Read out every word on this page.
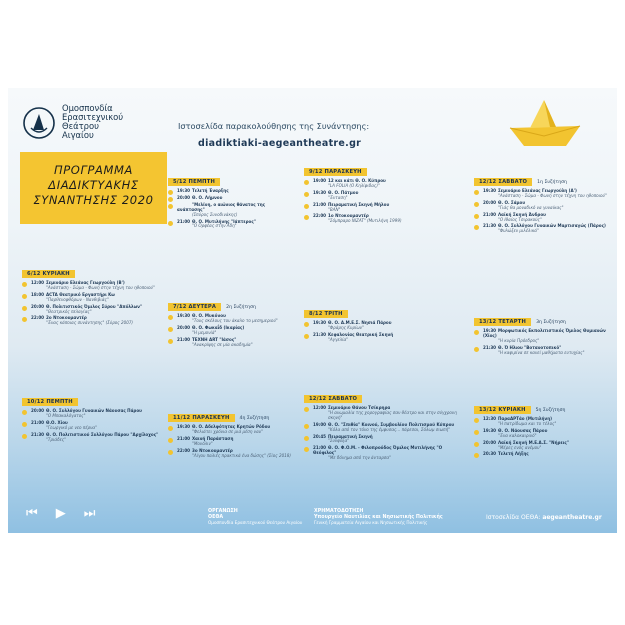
Ομοσπονδία
Ερασιτεχνικού
Θεάτρου
Αιγαίου
Ιστοσελίδα παρακολούθησης της Συνάντησης:
diadiktiaki-aegeantheatre.gr
ΠΡΟΓΡΑΜΜΑ
ΔΙΑΔΙΚΤΥΑΚΗΣ
ΣΥΝΑΝΤΗΣΗΣ 2020
5/12 ΠΕΜΠΤΗ
19:30 Τελετή Έναρξης
20:00 Θ. Ο. Λήμνου
"Μελίνη, ο αιώνιος θάνατος της ανάπτασης"
(Σπύρος Συνοδινάκης)
21:00 Θ. Ο. Μυτιλήνης "Ιάπτερος"
"Ο Ορφέας στην Άδη"
6/12 ΚΥΡΙΑΚΗ
12:00 Σεμινάριο Ελεάνας Γεωργούλη (Β')
"Ανάσταση - Σώμα - Φωνή στην τέχνη του ηθοποιού"
18:00 ACTA Θεατρικό Εργαστήρι Κω
"Παρθενοφθόρων - Νανθιβιάς"
20:00 Θ. Πολιτιστικός Όμιλος Σύρου "Απόλλων"
"Θεατρικός πελαγίας"
22:00 2ο Ντοκουμαντέρ
"Ένας κάποιας συνάντησης" (Σύρος 2007)
7/12 ΔΕΥΤΕΡΑ 2η Συζήτηση
19:30 Θ. Ο. Μυκόνου
"Τους σκέλους του άκαλο το μεσημεριού"
20:00 Θ. Ο. Φωκαΐδ (Ικαρίας)
"Η μεμονίά"
21:00 ΤΕΧΝΗ ART "Ιάσος"
"Ανακρίψης σε μία ακαδημία"
8/12 ΤΡΙΤΗ
19:30 Θ. Ο. Α.Μ.Ε.Σ. Νησιά Πάρου
"Φράρης Κυρίων"
21:30 Κεφαλονίας Θεατρική Σκηνή
"Αγγελία"
9/12 ΠΑΡΑΣΚΕΥΗ
19:00 12 και κάτι Θ. Ο. Κύπρου
"LA FOLIA (Ο Κηλίφιδας)"
19:30 Θ. Ο. Πάτμου
"Ένταση"
21:00 Πειραματική Σκηνή Μήλου
"ΒΑΝ"
22:00 1ο Ντοκουμαντέρ
"Σόμπραρο NIZAT" (Μυτιλήνη 1999)
10/12 ΠΕΜΠΤΗ
20:00 Θ. Ο. Συλλόγου Γυναικών Νάουσας Πάρου
"Ο Μπακαλόγατος"
21:00 Θ.Ο. Χίου
"Γεωργικό με νεο πέρνα"
21:30 Θ. Ο. Πολιτιστικού Συλλόγου Πάρου "Αρχίλοχος"
"Τριάδες"
11/12 ΠΑΡΑΣΚΕΥΗ 4η Συζήτηση
19:30 Θ. Ο. Αδελφότητας Κρητών Ρόδου
"Φελιάτει χρόνια σε μιά μέση ναυ"
21:00 Χαινή Παράσταση
"Μονόλιν"
22:00 3ο Ντοκουμαντέρ
"Λίγου παλιές πρακτικά ένα δώσης" (Σίος 2018)
12/12 ΣΑΒΒΑΤΟ 1η Συζήτηση
19:30 Σεμινάριο Ελεάνας Γεωργούλη (Α')
"Ανάσταση - Σώμα - Φωνή στην τέχνη του ηθοποιού"
20:00 Θ. Ο. Σάμου
"Γιάς θα μοναδικό να γυναίκας"
21:00 Λαϊκή Σκηνή Άνδρου
"Ο Ιθαίος Τσιρακούς"
21:30 Θ. Ο. Συλλόγου Γυναικών Μαρτισαγώς (Πάρος)
"Φυλώξεν μιλέλικά"
12/12 ΣΑΒΒΑΤΟ
12:00 Σεμινάριο Θάνου Τσίκρηρα
"Η ανωμαλία της χορογραφίας σαν θέατρο και στην σύγχρονη σκηνή"
19:00 Θ. Ο. "Σπιθία" Κοινού, Συμβουλίου Πολιτισμού Κύπρου
"Κόλα από τον τόνο της έμφυσας... πάρεσαι, Σόλωμ σιωπή"
20:45 Πειραματική Σκηνή
"Συνφύξα"
21:00 Θ. Ο. Φ.Ο.Μ. - Φιλοπροόδος Όμιλος Μυτιλήνης "Ο Θεόφιλος"
"Με δόνημα από την άνταρσα"
13/12 ΤΕΤΑΡΤΗ 3η Συζήτηση
19:30 Μορφωτικός Εκπολιτιστικός Όμιλος Θυμιανών (Χίος)
"Η κυρία Πρόεδρος"
21:30 Θ. Ό Ηλιου "Βοτανοτοπικό"
"Η καφιρίνα σε κανεί μαθήματα ευτυχίας"
13/12 ΚΥΡΙΑΚΗ 5η Συζήτηση
12:30 ΠαραΑΡΤάο (Μυτιλήνη)
"Η πατρίδωμα και το τέλος"
19:30 Θ. Ο. Νάουσας Πάρου
"Ένα καλοκαιρινό"
20:00 Λαϊκή Σκηνή Μ.Ε.Α.Σ. "Νήρεις"
"Μέρες ενός ανέμου"
20:30 Τελετή Λήξης
⏮ ▶ ⏭	ΟΡΓΑΝΩΣΗ
ΟΕΘΑ
Ομοσπονδία Ερασιτεχνικού Θεάτρου Αιγαίου
ΧΡΗΜΑΤΟΔΟΤΗΣΗ
Υπουργείο Ναυτιλίας και Νησιωτικής Πολιτικής
Γενική Γραμματεία Αιγαίου και Νησιωτικής Πολιτικής
Ιστοσελίδα ΟΕΘΑ: aegeantheatre.gr
